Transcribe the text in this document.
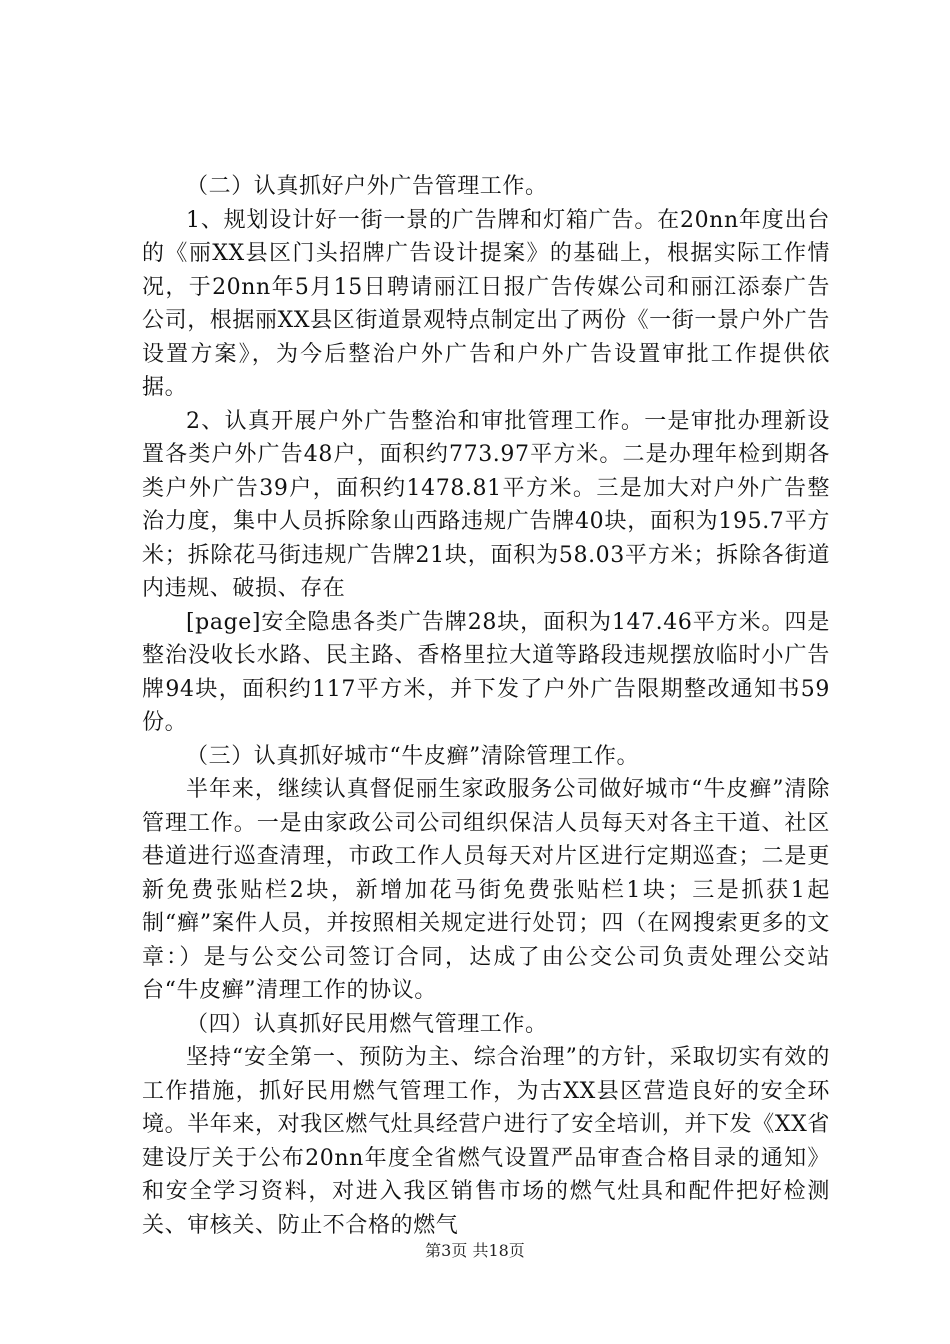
（二）认真抓好户外广告管理工作。

1、规划设计好一街一景的广告牌和灯箱广告。在20nn年度出台的《丽XX县区门头招牌广告设计提案》的基础上，根据实际工作情况，于20nn年5月15日聘请丽江日报广告传媒公司和丽江添泰广告公司，根据丽XX县区街道景观特点制定出了两份《一街一景户外广告设置方案》，为今后整治户外广告和户外广告设置审批工作提供依据。

2、认真开展户外广告整治和审批管理工作。一是审批办理新设置各类户外广告48户，面积约773.97平方米。二是办理年检到期各类户外广告39户，面积约1478.81平方米。三是加大对户外广告整治力度，集中人员拆除象山西路违规广告牌40块，面积为195.7平方米；拆除花马街违规广告牌21块，面积为58.03平方米；拆除各街道内违规、破损、存在

[page]安全隐患各类广告牌28块，面积为147.46平方米。四是整治没收长水路、民主路、香格里拉大道等路段违规摆放临时小广告牌94块，面积约117平方米，并下发了户外广告限期整改通知书59份。

（三）认真抓好城市“牛皮癣”清除管理工作。

半年来，继续认真督促丽生家政服务公司做好城市“牛皮癣”清除管理工作。一是由家政公司公司组织保洁人员每天对各主干道、社区巷道进行巡查清理，市政工作人员每天对片区进行定期巡查；二是更新免费张贴栏2块，新增加花马街免费张贴栏1块；三是抓获1起制“癣”案件人员，并按照相关规定进行处罚；四（在网搜索更多的文章：）是与公交公司签订合同，达成了由公交公司负责处理公交站台“牛皮癣”清理工作的协议。

（四）认真抓好民用燃气管理工作。

坚持“安全第一、预防为主、综合治理”的方针，采取切实有效的工作措施，抓好民用燃气管理工作，为古XX县区营造良好的安全环境。半年来，对我区燃气灶具经营户进行了安全培训，并下发《XX省建设厅关于公布20nn年度全省燃气设置严品审查合格目录的通知》和安全学习资料，对进入我区销售市场的燃气灶具和配件把好检测关、审核关、防止不合格的燃气

第3页 共18页
